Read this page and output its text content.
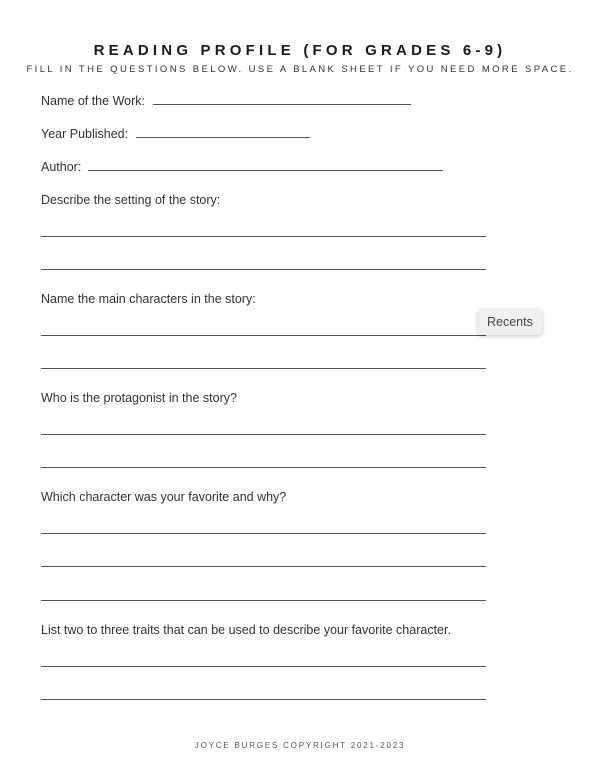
READING PROFILE (FOR GRADES 6-9)
FILL IN THE QUESTIONS BELOW. USE A BLANK SHEET IF YOU NEED MORE SPACE.
Name of the Work:
Year Published:
Author:
Describe the setting of the story:
Name the main characters in the story:
Who is the protagonist in the story?
Which character was your favorite and why?
List two to three traits that can be used to describe your favorite character.
Recents
JOYCE BURGES COPYRIGHT 2021-2023
